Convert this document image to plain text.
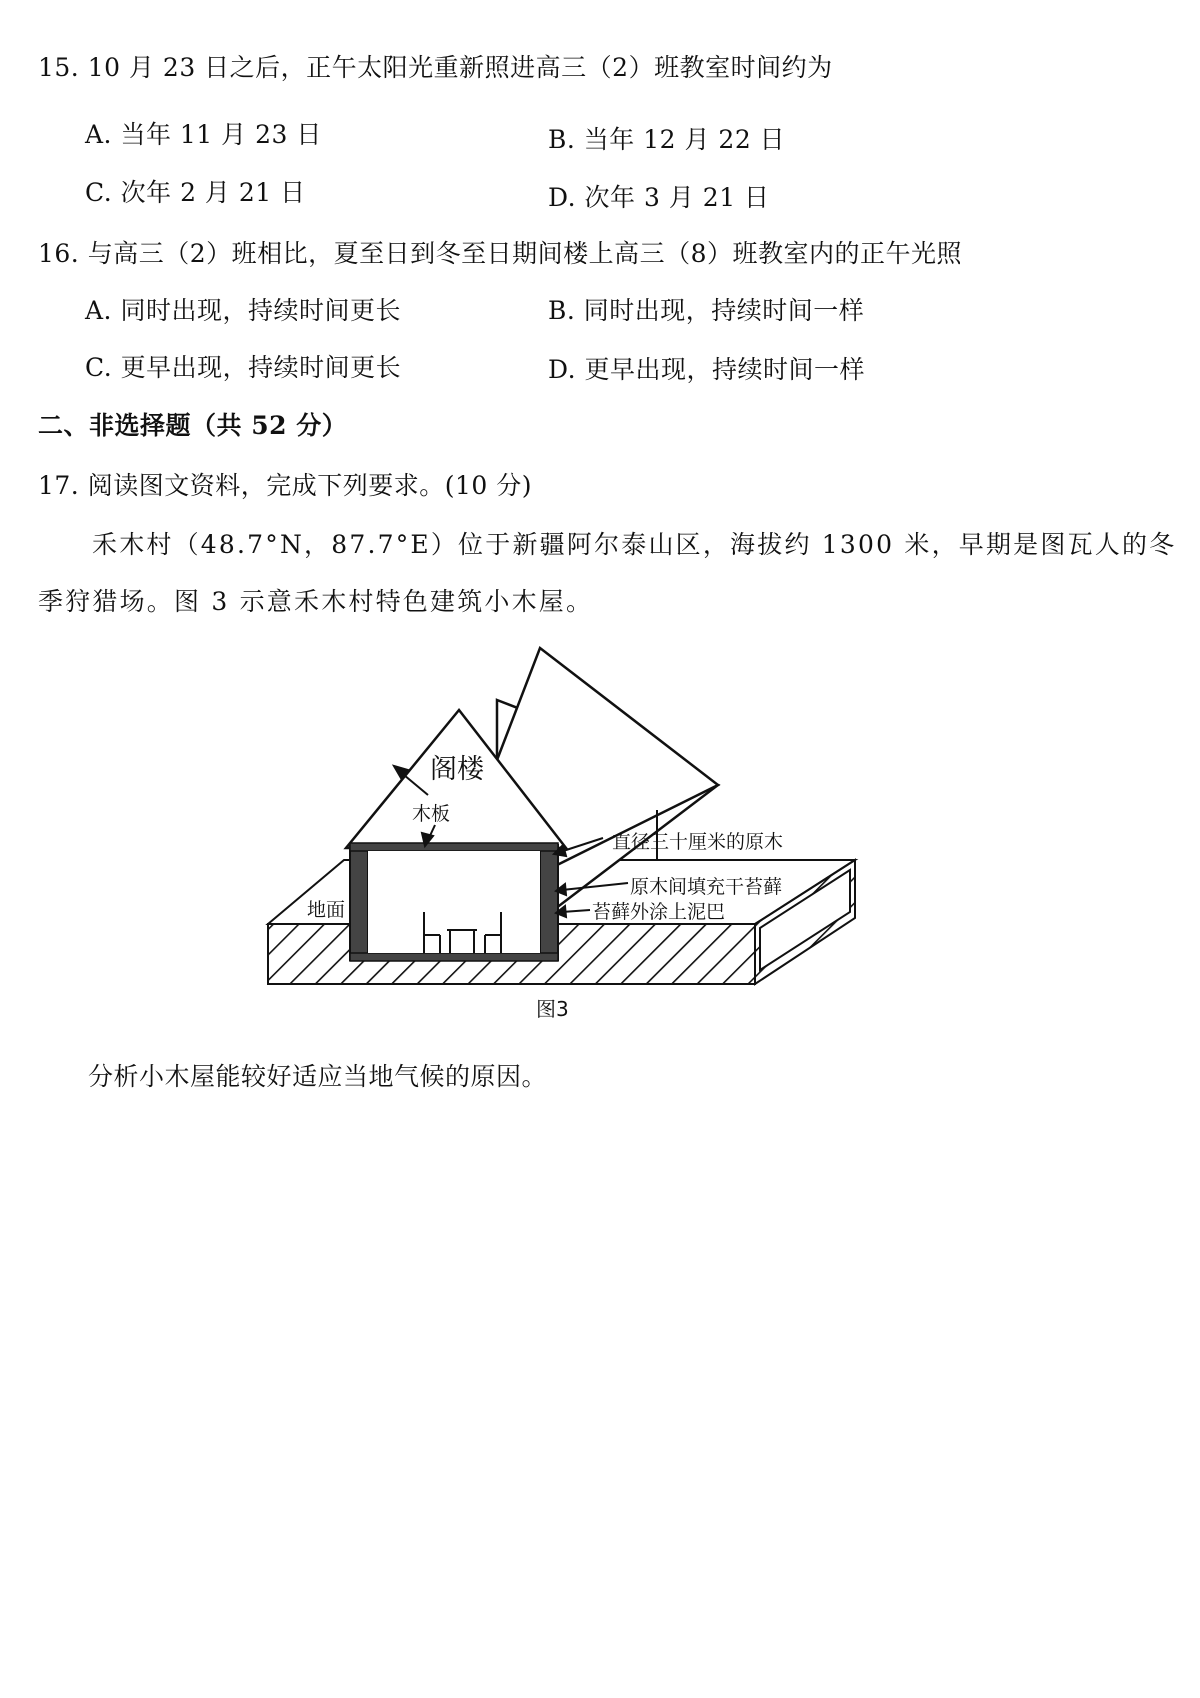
15. 10 月 23 日之后，正午太阳光重新照进高三（2）班教室时间约为
A. 当年 11 月 23 日	B. 当年 12 月 22 日
C. 次年 2 月 21 日	D. 次年 3 月 21 日
16. 与高三（2）班相比，夏至日到冬至日期间楼上高三（8）班教室内的正午光照
A. 同时出现，持续时间更长	B. 同时出现，持续时间一样
C. 更早出现，持续时间更长	D. 更早出现，持续时间一样
二、非选择题（共 52 分）
17. 阅读图文资料，完成下列要求。(10 分)
禾木村（48.7°N，87.7°E）位于新疆阿尔泰山区，海拔约 1300 米，早期是图瓦人的冬
季狩猎场。图 3 示意禾木村特色建筑小木屋。
阁楼
木板
直径三十厘米的原木
原木间填充干苔藓
苔藓外涂上泥巴
地面
图3
分析小木屋能较好适应当地气候的原因。
